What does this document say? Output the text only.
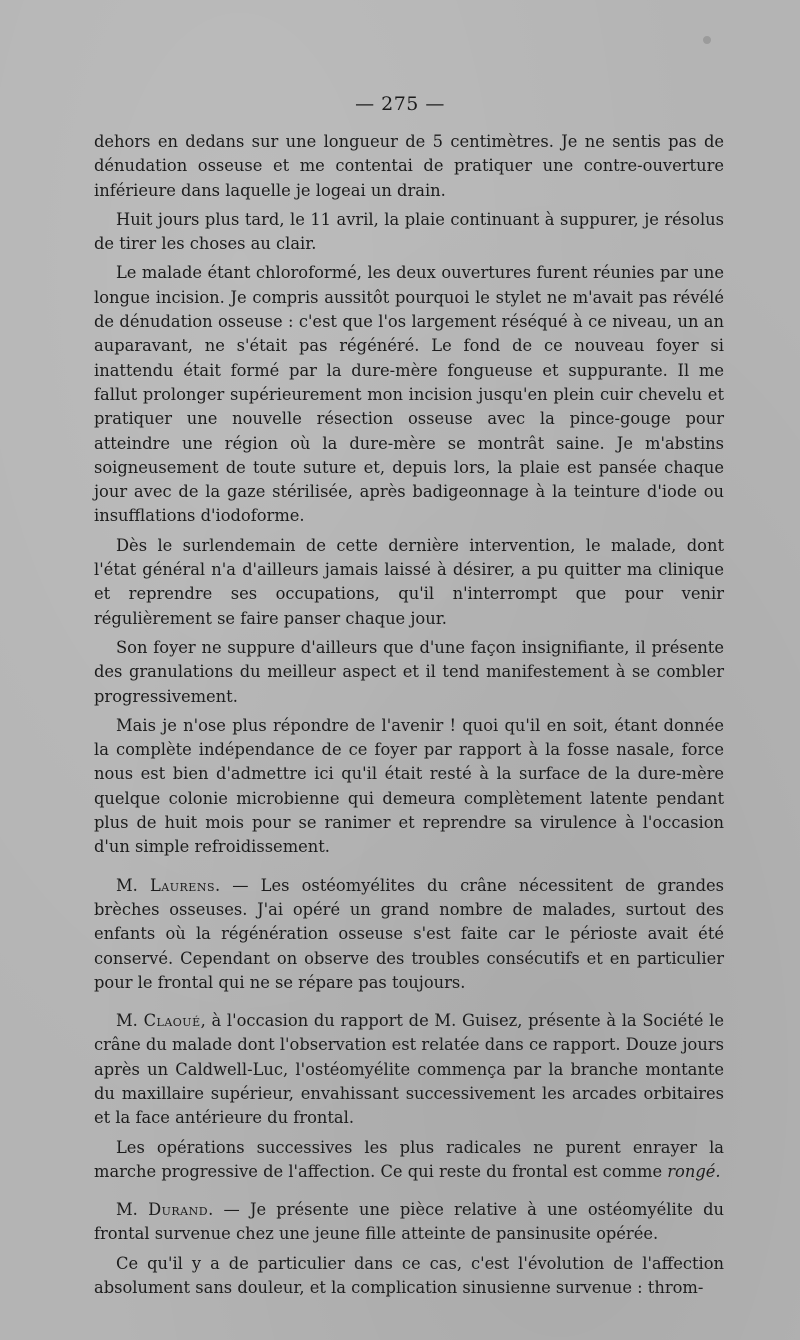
— 275 —

dehors en dedans sur une longueur de 5 centimètres. Je ne sentis pas de dénudation osseuse et me contentai de pratiquer une contre-ouverture inférieure dans laquelle je logeai un drain.

Huit jours plus tard, le 11 avril, la plaie continuant à suppurer, je résolus de tirer les choses au clair.

Le malade étant chloroformé, les deux ouvertures furent réunies par une longue incision. Je compris aussitôt pourquoi le stylet ne m'avait pas révélé de dénudation osseuse : c'est que l'os largement réséqué à ce niveau, un an auparavant, ne s'était pas régénéré. Le fond de ce nouveau foyer si inattendu était formé par la dure-mère fongueuse et suppurante. Il me fallut prolonger supérieurement mon incision jusqu'en plein cuir chevelu et pratiquer une nouvelle résection osseuse avec la pince-gouge pour atteindre une région où la dure-mère se montrât saine. Je m'abstins soigneusement de toute suture et, depuis lors, la plaie est pansée chaque jour avec de la gaze stérilisée, après badigeonnage à la teinture d'iode ou insufflations d'iodoforme.

Dès le surlendemain de cette dernière intervention, le malade, dont l'état général n'a d'ailleurs jamais laissé à désirer, a pu quitter ma clinique et reprendre ses occupations, qu'il n'interrompt que pour venir régulièrement se faire panser chaque jour.

Son foyer ne suppure d'ailleurs que d'une façon insignifiante, il présente des granulations du meilleur aspect et il tend manifestement à se combler progressivement.

Mais je n'ose plus répondre de l'avenir ! quoi qu'il en soit, étant donnée la complète indépendance de ce foyer par rapport à la fosse nasale, force nous est bien d'admettre ici qu'il était resté à la surface de la dure-mère quelque colonie microbienne qui demeura complètement latente pendant plus de huit mois pour se ranimer et reprendre sa virulence à l'occasion d'un simple refroidissement.

M. Laurens. — Les ostéomyélites du crâne nécessitent de grandes brèches osseuses. J'ai opéré un grand nombre de malades, surtout des enfants où la régénération osseuse s'est faite car le périoste avait été conservé. Cependant on observe des troubles consécutifs et en particulier pour le frontal qui ne se répare pas toujours.

M. Claoué, à l'occasion du rapport de M. Guisez, présente à la Société le crâne du malade dont l'observation est relatée dans ce rapport. Douze jours après un Caldwell-Luc, l'ostéomyélite commença par la branche montante du maxillaire supérieur, envahissant successivement les arcades orbitaires et la face antérieure du frontal.

Les opérations successives les plus radicales ne purent enrayer la marche progressive de l'affection. Ce qui reste du frontal est comme rongé.

M. Durand. — Je présente une pièce relative à une ostéomyélite du frontal survenue chez une jeune fille atteinte de pansinusite opérée.

Ce qu'il y a de particulier dans ce cas, c'est l'évolution de l'affection absolument sans douleur, et la complication sinusienne survenue : throm-
